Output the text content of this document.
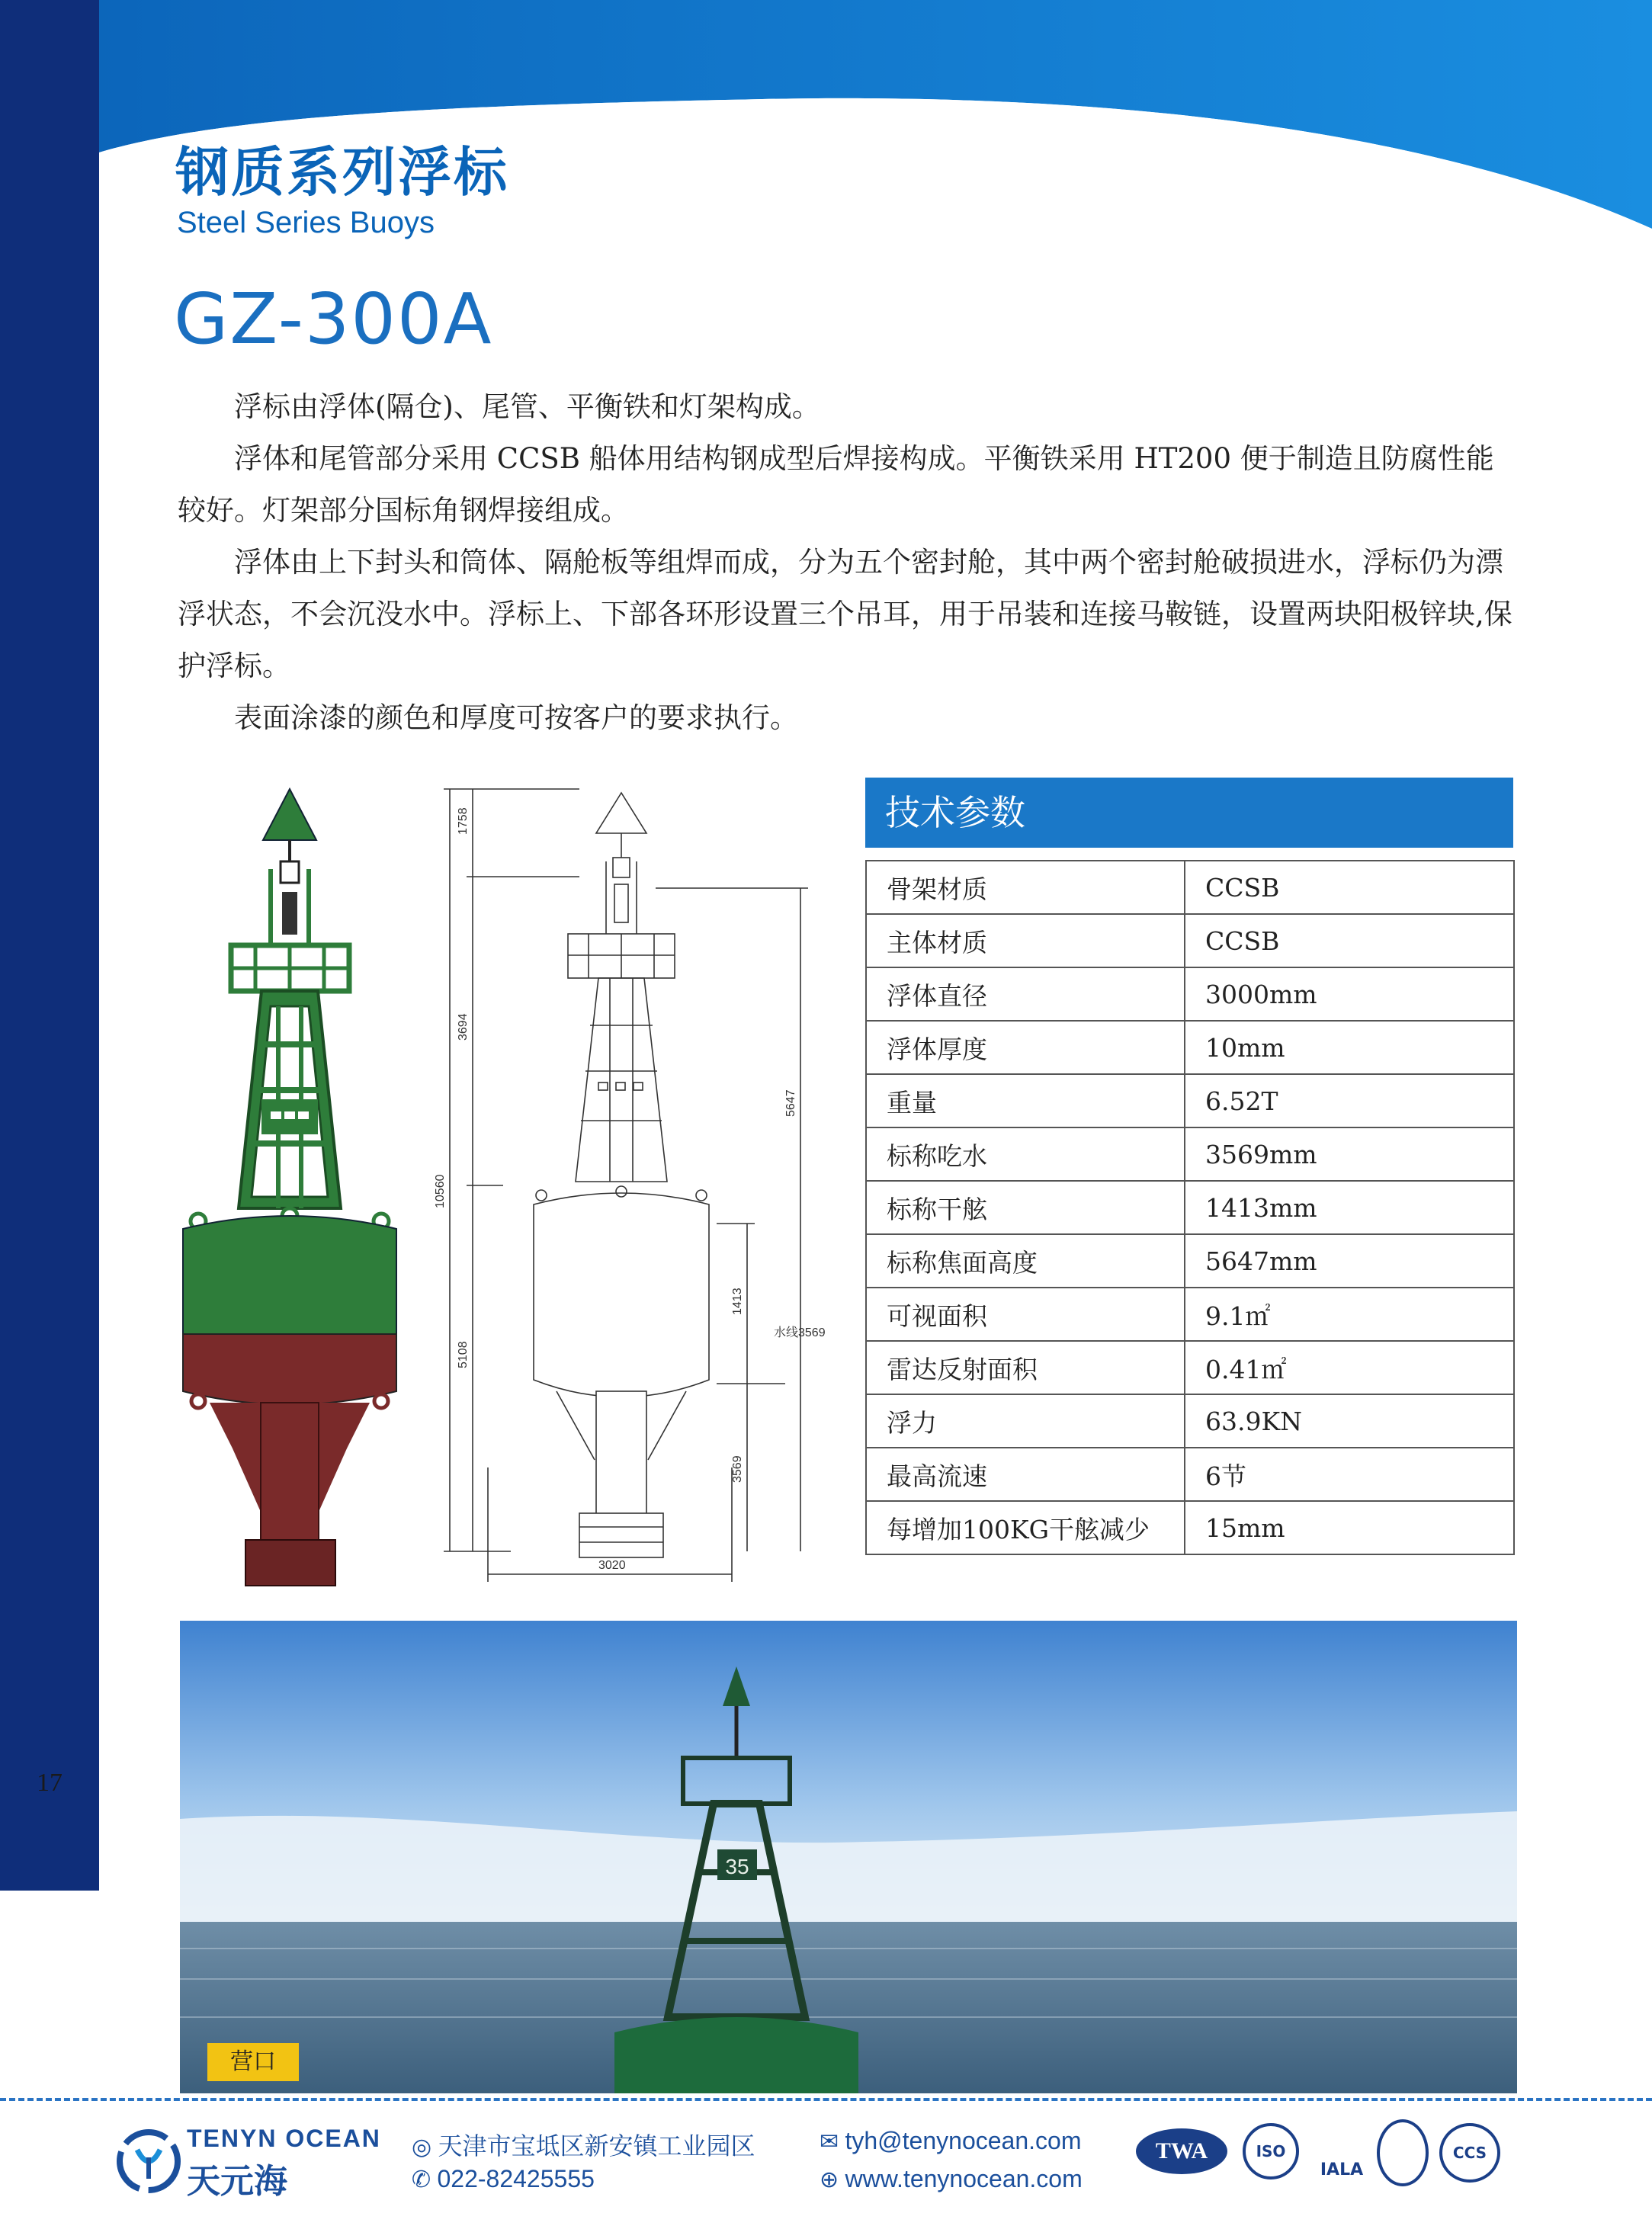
17
钢质系列浮标
Steel Series Buoys
GZ-300A

浮标由浮体(隔仓)、尾管、平衡铁和灯架构成。

浮体和尾管部分采用 CCSB 船体用结构钢成型后焊接构成。平衡铁采用 HT200 便于制造且防腐性能较好。灯架部分国标角钢焊接组成。

浮体由上下封头和筒体、隔舱板等组焊而成，分为五个密封舱，其中两个密封舱破损进水，浮标仍为漂浮状态，不会沉没水中。浮标上、下部各环形设置三个吊耳，用于吊装和连接马鞍链，设置两块阳极锌块,保护浮标。

表面涂漆的颜色和厚度可按客户的要求执行。

1758
3694
10560
5108
5647
1413
3569
水线3569
3020
技术参数
骨架材质	CCSB
主体材质	CCSB
浮体直径	3000mm
浮体厚度	10mm
重量	6.52T
标称吃水	3569mm
标称干舷	1413mm
标称焦面高度	5647mm
可视面积	9.1㎡
雷达反射面积	0.41㎡
浮力	63.9KN
最高流速	6节
每增加100KG干舷减少	15mm
35
营口
TENYN OCEAN
天元海
◎ 天津市宝坻区新安镇工业园区
✆ 022-82425555
✉ tyh@tenynocean.com
⊕ www.tenynocean.com
TWA	ISO
IALA
CCS
